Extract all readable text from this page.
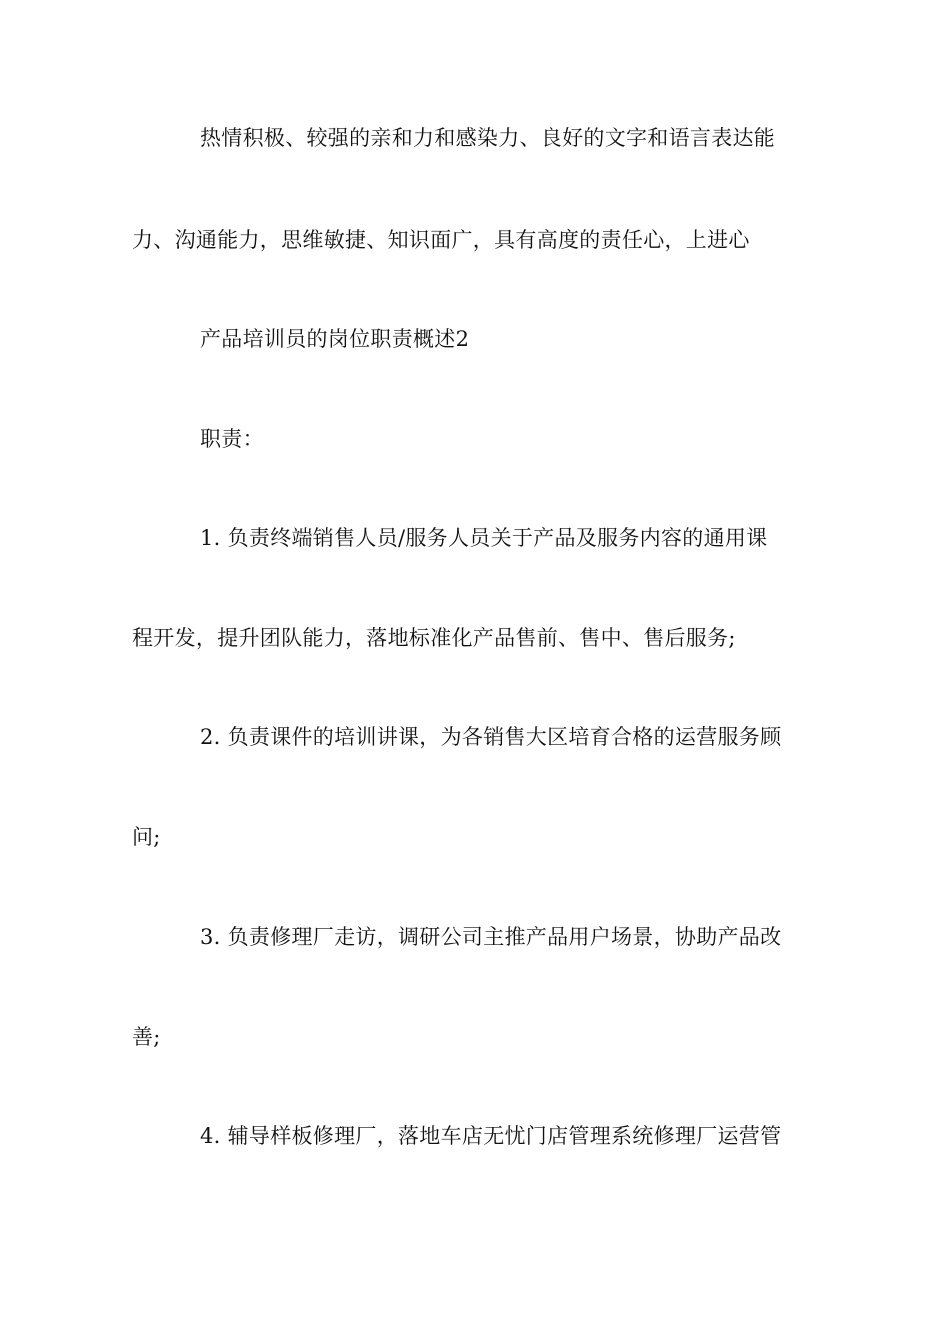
热情积极、较强的亲和力和感染力、良好的文字和语言表达能
力、沟通能力，思维敏捷、知识面广，具有高度的责任心，上进心
产品培训员的岗位职责概述2
职责：
1. 负责终端销售人员/服务人员关于产品及服务内容的通用课
程开发，提升团队能力，落地标准化产品售前、售中、售后服务;
2. 负责课件的培训讲课，为各销售大区培育合格的运营服务顾
问;
3. 负责修理厂走访，调研公司主推产品用户场景，协助产品改
善;
4. 辅导样板修理厂，落地车店无忧门店管理系统修理厂运营管
